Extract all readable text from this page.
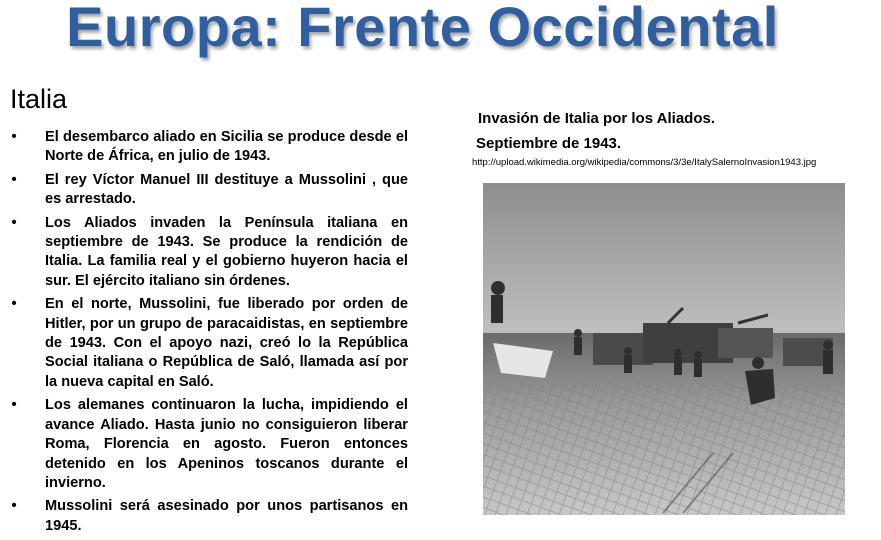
Europa: Frente Occidental
Italia
• El desembarco aliado en Sicilia se produce desde el Norte de África, en julio de 1943.
• El rey Víctor Manuel III destituye a Mussolini , que es arrestado.
• Los Aliados invaden la Península italiana en septiembre de 1943. Se produce la rendición de Italia. La familia real y el gobierno huyeron hacia el sur. El ejército italiano sin órdenes.
• En el norte, Mussolini, fue liberado por orden de Hitler, por un grupo de paracaidistas, en septiembre de 1943. Con el apoyo nazi, creó lo la República Social italiana o República de Saló, llamada así por la nueva capital en Saló.
• Los alemanes continuaron la lucha, impidiendo el avance Aliado. Hasta junio no consiguieron liberar Roma, Florencia en agosto. Fueron entonces detenido en los Apeninos toscanos durante el invierno.
• Mussolini será asesinado por unos partisanos en 1945.
Invasión de Italia por los Aliados.
Septiembre de 1943.
http://upload.wikimedia.org/wikipedia/commons/3/3e/ItalySalernoInvasion1943.jpg
